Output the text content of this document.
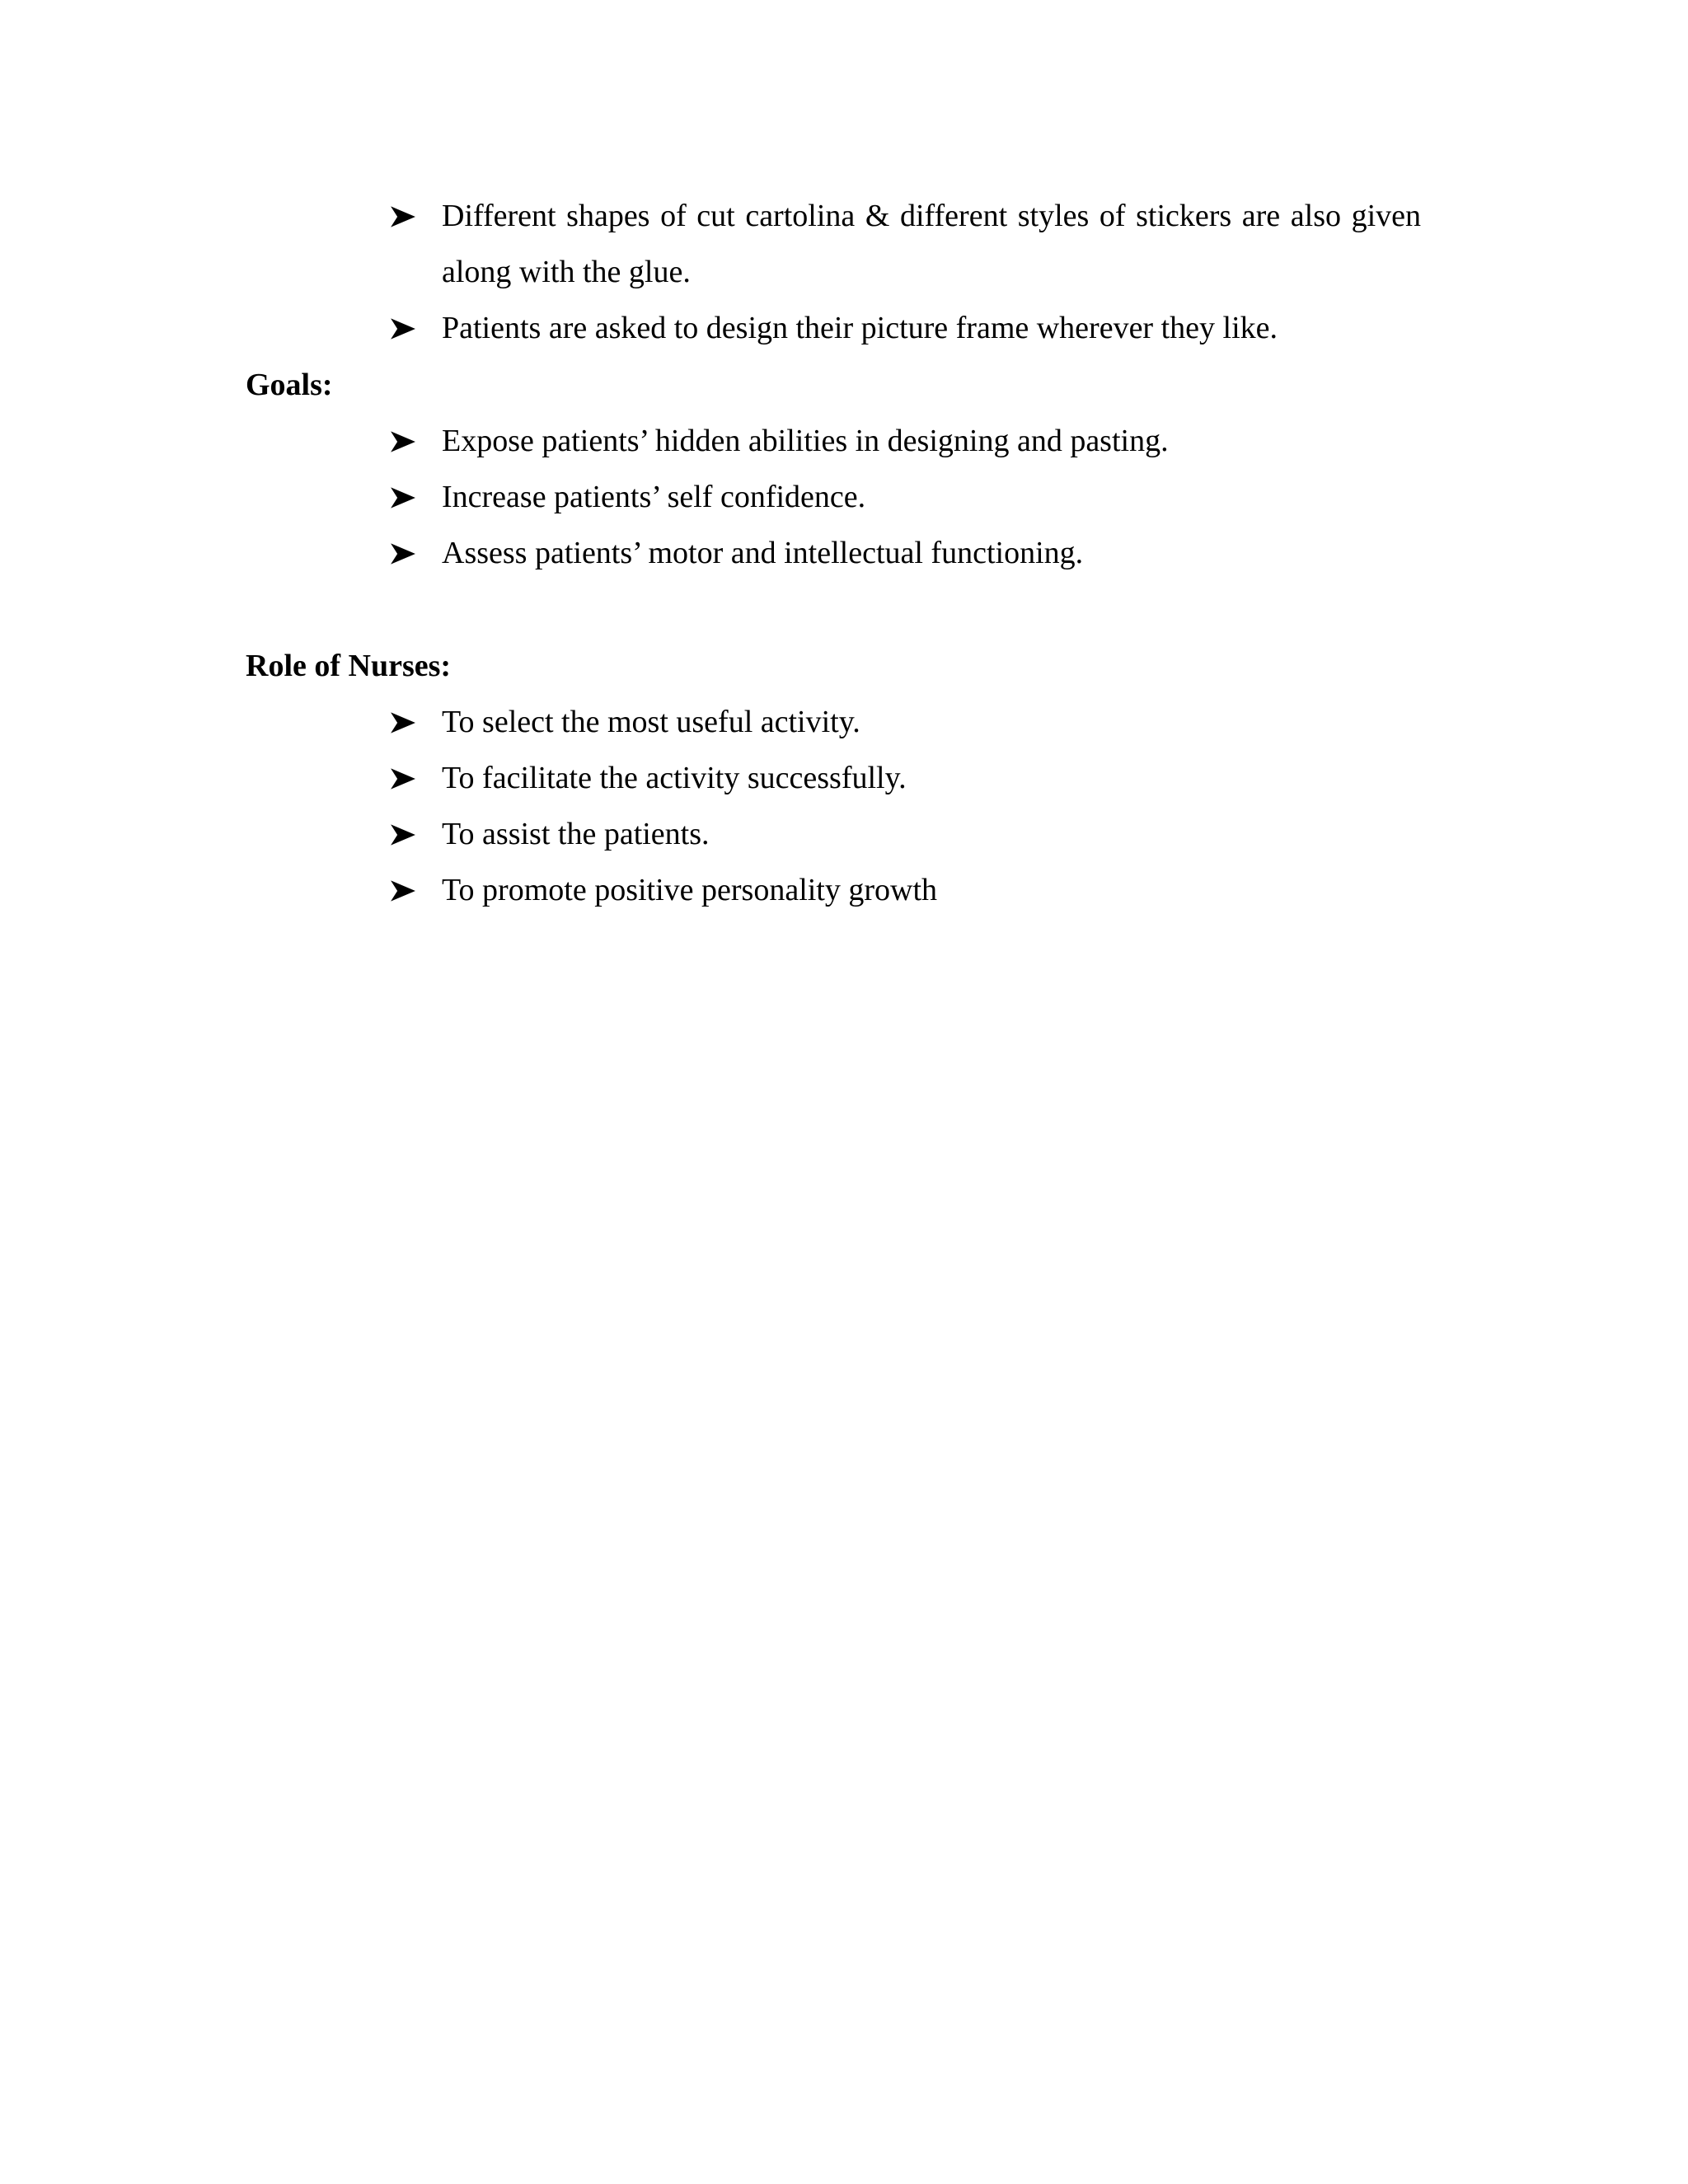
Different shapes of cut cartolina & different styles of stickers are also given along with the glue.
Patients are asked to design their picture frame wherever they like.
Goals:
Expose patients’ hidden abilities in designing and pasting.
Increase patients’ self confidence.
Assess patients’ motor and intellectual functioning.
Role of Nurses:
To select the most useful activity.
To facilitate the activity successfully.
To assist the patients.
To promote positive personality growth
